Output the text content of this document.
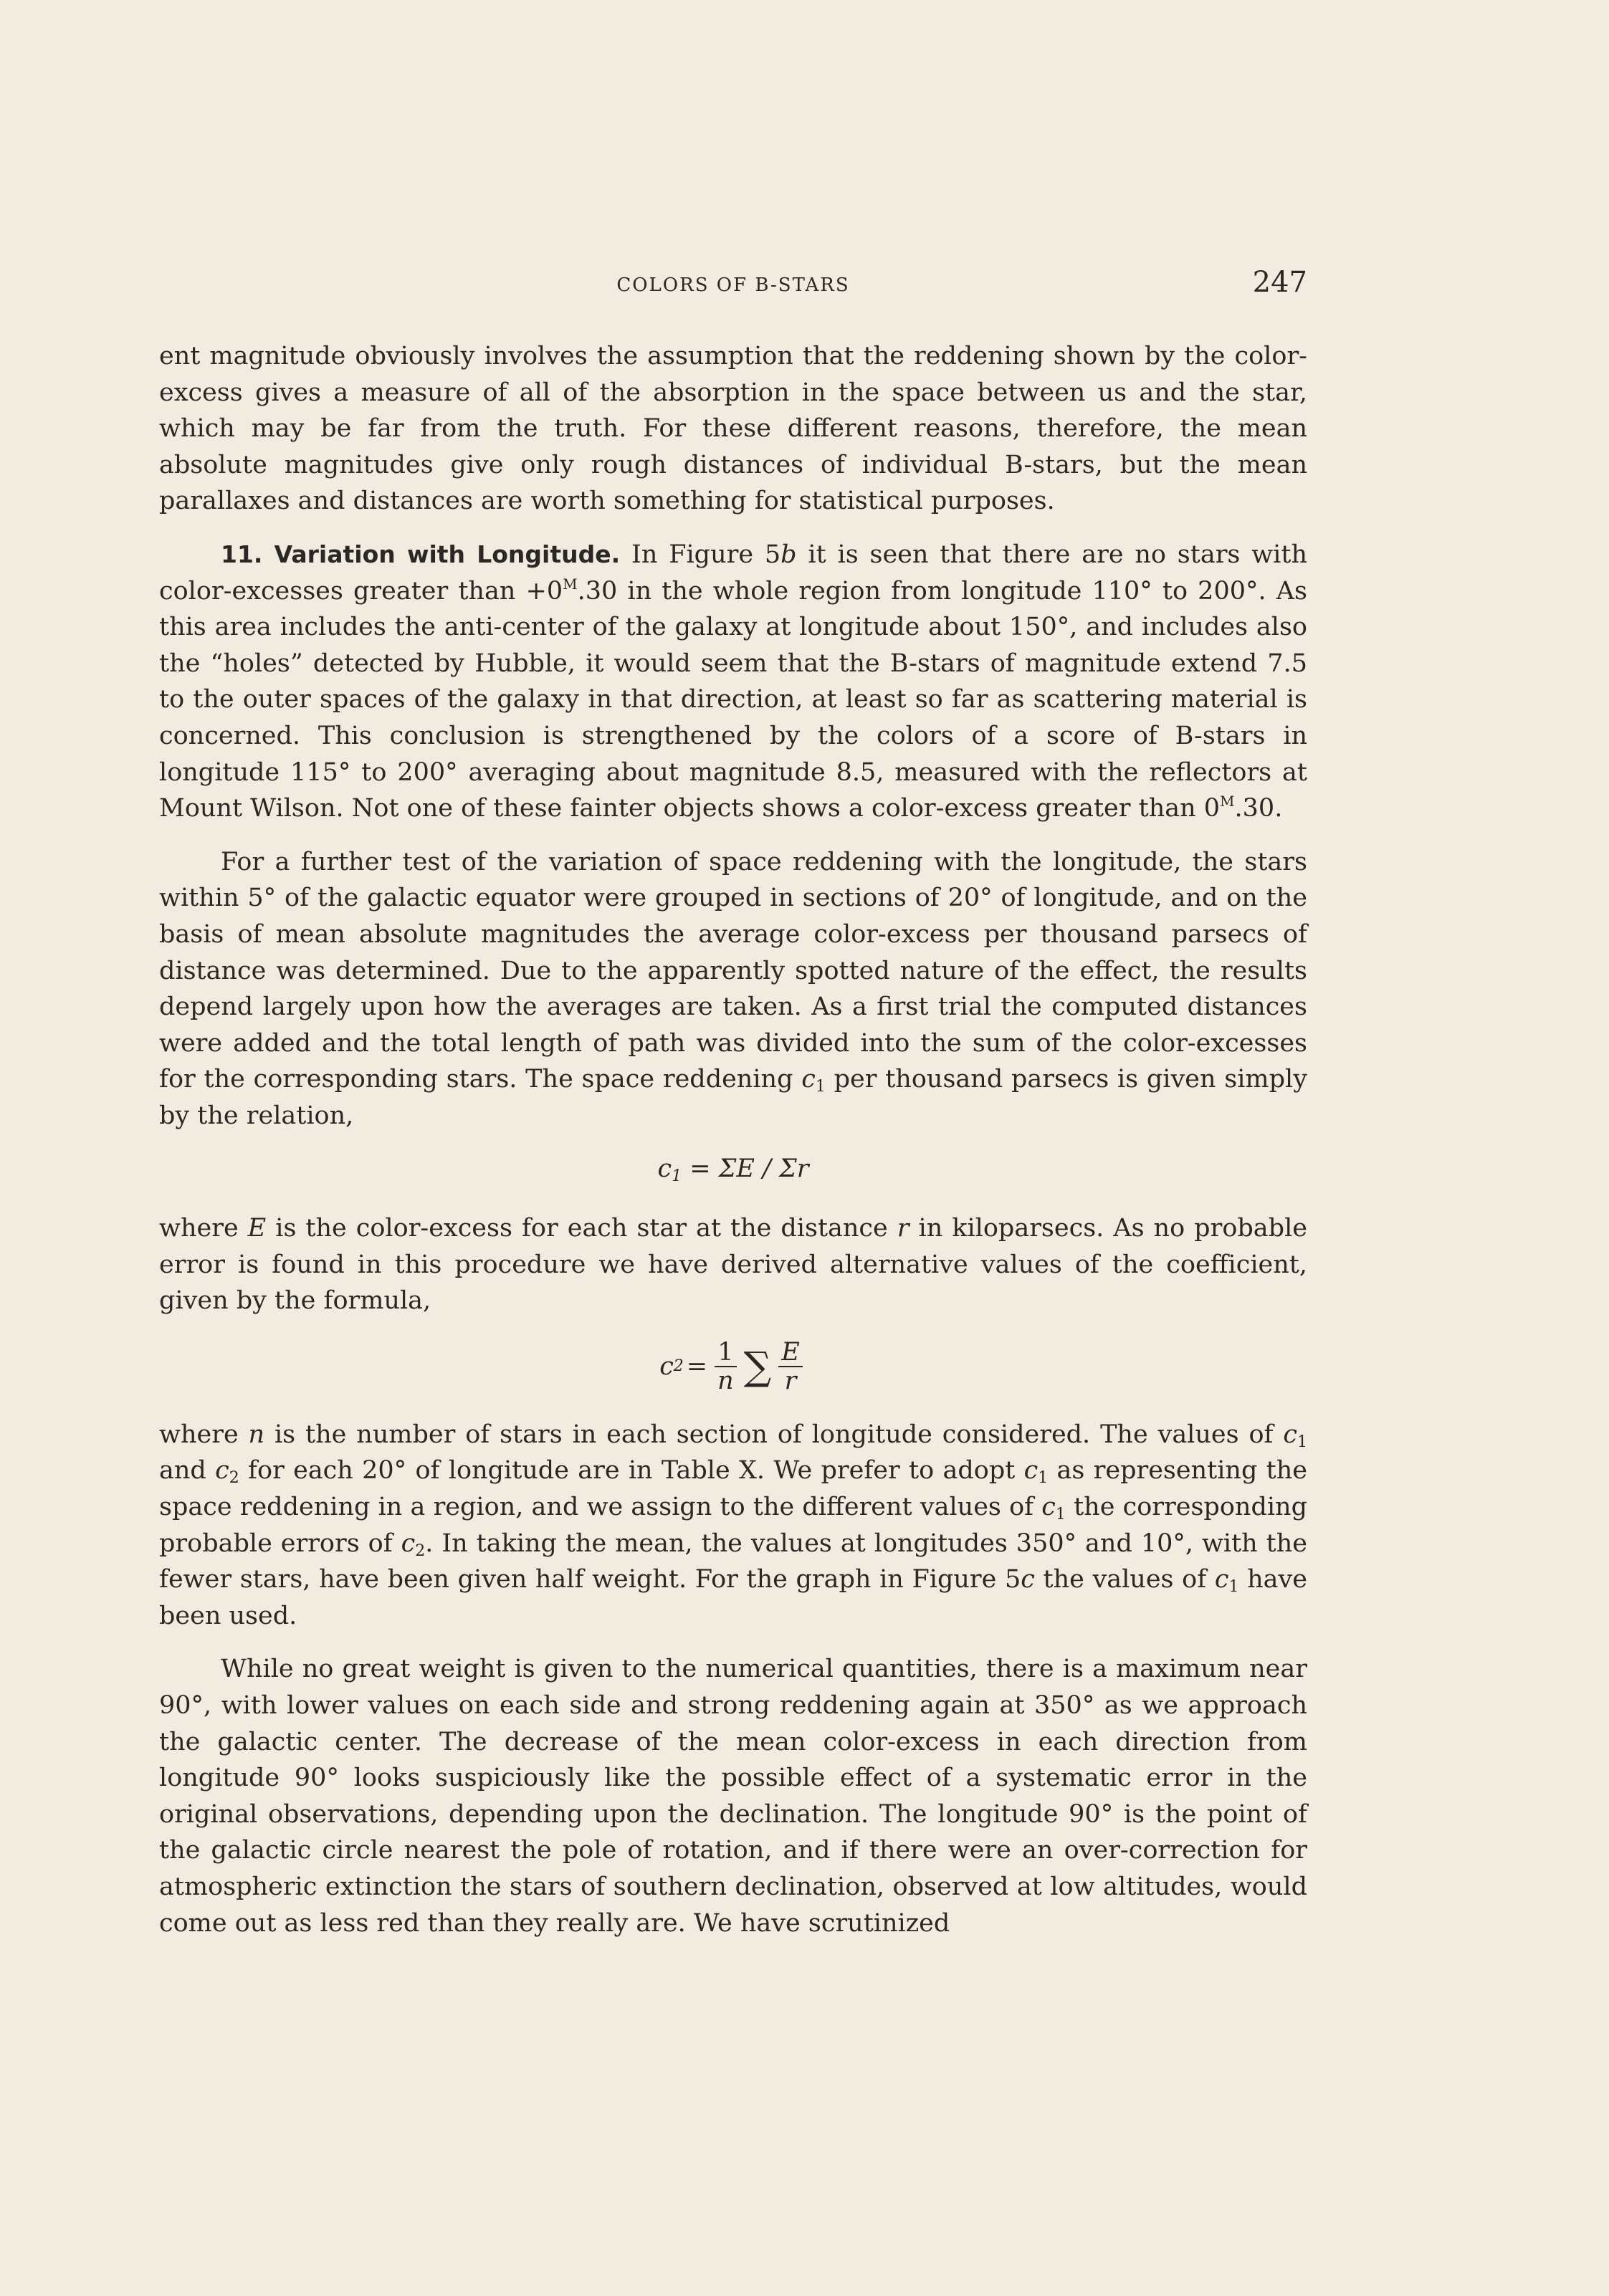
COLORS OF B-STARS	247

ent magnitude obviously involves the assumption that the reddening shown by the color-excess gives a measure of all of the absorption in the space between us and the star, which may be far from the truth. For these different reasons, therefore, the mean absolute magnitudes give only rough distances of individual B-stars, but the mean parallaxes and distances are worth something for statistical purposes.

11. Variation with Longitude. In Figure 5b it is seen that there are no stars with color-excesses greater than $+0^M.30$ in the whole region from longitude 110° to 200°. As this area includes the anti-center of the galaxy at longitude about 150°, and includes also the “holes” detected by Hubble, it would seem that the B-stars of magnitude extend 7.5 to the outer spaces of the galaxy in that direction, at least so far as scattering material is concerned. This conclusion is strengthened by the colors of a score of B-stars in longitude 115° to 200° averaging about magnitude 8.5, measured with the reflectors at Mount Wilson. Not one of these fainter objects shows a color-excess greater than $0^M.30$.

For a further test of the variation of space reddening with the longitude, the stars within 5° of the galactic equator were grouped in sections of 20° of longitude, and on the basis of mean absolute magnitudes the average color-excess per thousand parsecs of distance was determined. Due to the apparently spotted nature of the effect, the results depend largely upon how the averages are taken. As a first trial the computed distances were added and the total length of path was divided into the sum of the color-excesses for the corresponding stars. The space reddening $c_1$ per thousand parsecs is given simply by the relation,

$c_1 = \Sigma E / \Sigma r$

where E is the color-excess for each star at the distance r in kiloparsecs. As no probable error is found in this procedure we have derived alternative values of the coefficient, given by the formula,

c $2 = \frac{1}{n}$ ∑ $\frac{E}{r}$

where n is the number of stars in each section of longitude considered. The values of $c_1$ and $c_2$ for each 20° of longitude are in Table X. We prefer to adopt $c_1$ as representing the space reddening in a region, and we assign to the different values of $c_1$ the corresponding probable errors of $c_2$. In taking the mean, the values at longitudes 350° and 10°, with the fewer stars, have been given half weight. For the graph in Figure 5c the values of $c_1$ have been used.

While no great weight is given to the numerical quantities, there is a maximum near 90°, with lower values on each side and strong reddening again at 350° as we approach the galactic center. The decrease of the mean color-excess in each direction from longitude 90° looks suspiciously like the possible effect of a systematic error in the original observations, depending upon the declination. The longitude 90° is the point of the galactic circle nearest the pole of rotation, and if there were an over-correction for atmospheric extinction the stars of southern declination, observed at low altitudes, would come out as less red than they really are. We have scrutinized
